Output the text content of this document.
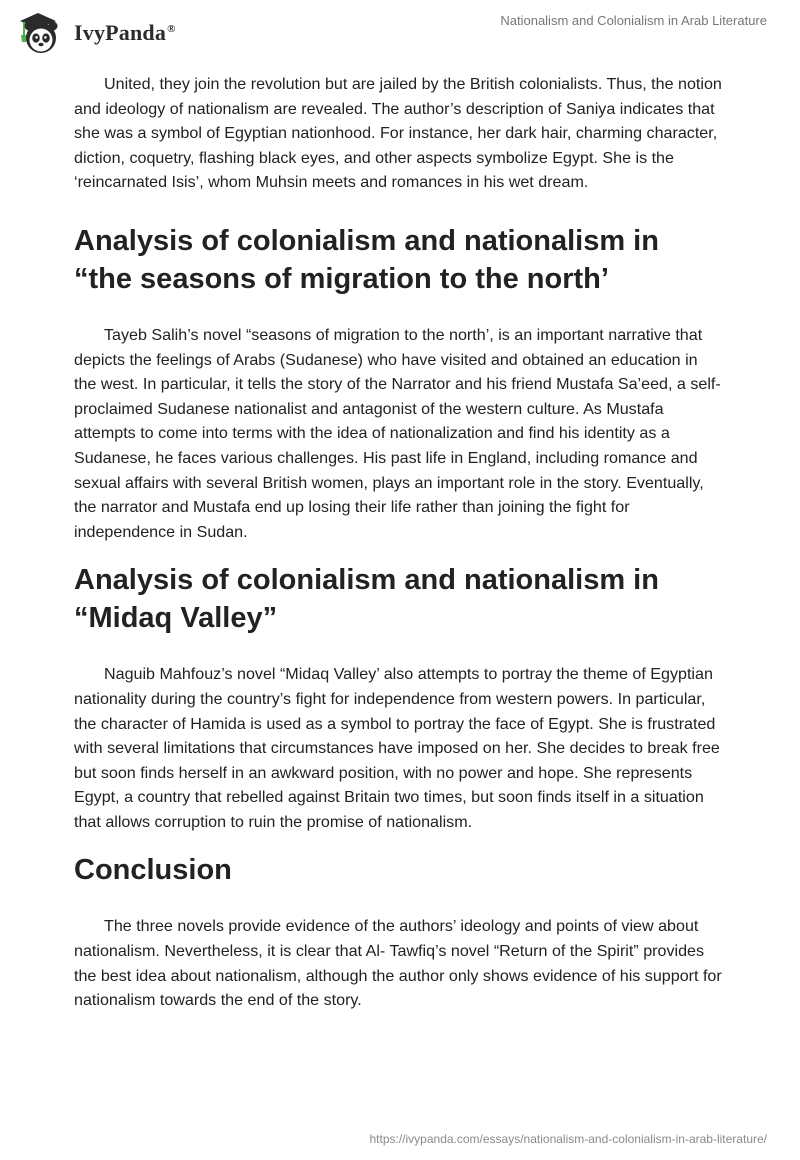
IvyPanda®
Nationalism and Colonialism in Arab Literature

United, they join the revolution but are jailed by the British colonialists. Thus, the notion and ideology of nationalism are revealed. The author’s description of Saniya indicates that she was a symbol of Egyptian nationhood. For instance, her dark hair, charming character, diction, coquetry, flashing black eyes, and other aspects symbolize Egypt. She is the ‘reincarnated Isis’, whom Muhsin meets and romances in his wet dream.

Analysis of colonialism and nationalism in “the seasons of migration to the north’

Tayeb Salih’s novel “seasons of migration to the north’, is an important narrative that depicts the feelings of Arabs (Sudanese) who have visited and obtained an education in the west. In particular, it tells the story of the Narrator and his friend Mustafa Sa’eed, a self-proclaimed Sudanese nationalist and antagonist of the western culture. As Mustafa attempts to come into terms with the idea of nationalization and find his identity as a Sudanese, he faces various challenges. His past life in England, including romance and sexual affairs with several British women, plays an important role in the story. Eventually, the narrator and Mustafa end up losing their life rather than joining the fight for independence in Sudan.

Analysis of colonialism and nationalism in “Midaq Valley”

Naguib Mahfouz’s novel “Midaq Valley’ also attempts to portray the theme of Egyptian nationality during the country’s fight for independence from western powers. In particular, the character of Hamida is used as a symbol to portray the face of Egypt. She is frustrated with several limitations that circumstances have imposed on her. She decides to break free but soon finds herself in an awkward position, with no power and hope. She represents Egypt, a country that rebelled against Britain two times, but soon finds itself in a situation that allows corruption to ruin the promise of nationalism.

Conclusion

The three novels provide evidence of the authors’ ideology and points of view about nationalism. Nevertheless, it is clear that Al- Tawfiq’s novel “Return of the Spirit” provides the best idea about nationalism, although the author only shows evidence of his support for nationalism towards the end of the story.

https://ivypanda.com/essays/nationalism-and-colonialism-in-arab-literature/
